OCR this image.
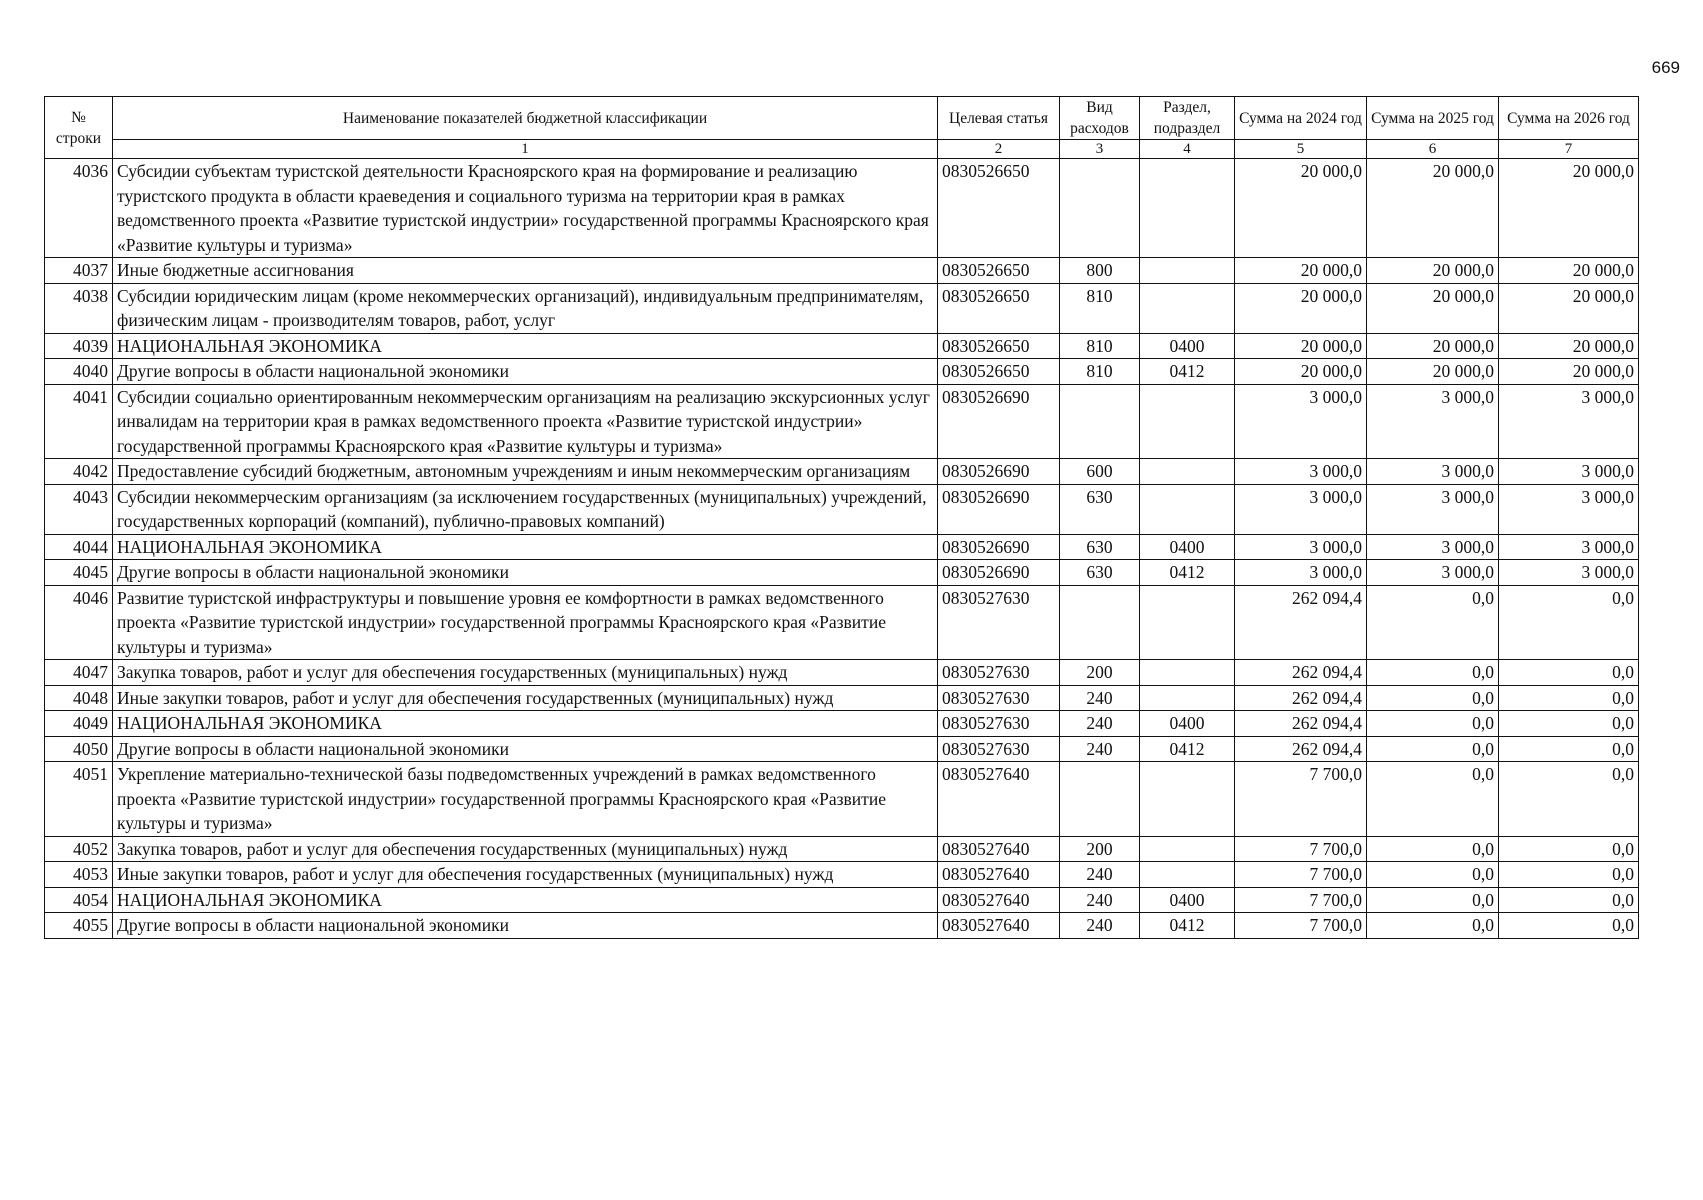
669
№ строки	Наименование показателей бюджетной классификации	Целевая статья	Вид расходов	Раздел, подраздел	Сумма на 2024 год	Сумма на 2025 год	Сумма на 2026 год
	1	2	3	4	5	6	7
4036	Субсидии субъектам туристской деятельности Красноярского края на формирование и реализацию туристского продукта в области краеведения и социального туризма на территории края в рамках ведомственного проекта «Развитие туристской индустрии» государственной программы Красноярского края «Развитие культуры и туризма»	0830526650			20 000,0	20 000,0	20 000,0
4037	Иные бюджетные ассигнования	0830526650	800		20 000,0	20 000,0	20 000,0
4038	Субсидии юридическим лицам (кроме некоммерческих организаций), индивидуальным предпринимателям, физическим лицам - производителям товаров, работ, услуг	0830526650	810		20 000,0	20 000,0	20 000,0
4039	НАЦИОНАЛЬНАЯ ЭКОНОМИКА	0830526650	810	0400	20 000,0	20 000,0	20 000,0
4040	Другие вопросы в области национальной экономики	0830526650	810	0412	20 000,0	20 000,0	20 000,0
4041	Субсидии социально ориентированным некоммерческим организациям на реализацию экскурсионных услуг инвалидам на территории края в рамках ведомственного проекта «Развитие туристской индустрии» государственной программы Красноярского края «Развитие культуры и туризма»	0830526690			3 000,0	3 000,0	3 000,0
4042	Предоставление субсидий бюджетным, автономным учреждениям и иным некоммерческим организациям	0830526690	600		3 000,0	3 000,0	3 000,0
4043	Субсидии некоммерческим организациям (за исключением государственных (муниципальных) учреждений, государственных корпораций (компаний), публично-правовых компаний)	0830526690	630		3 000,0	3 000,0	3 000,0
4044	НАЦИОНАЛЬНАЯ ЭКОНОМИКА	0830526690	630	0400	3 000,0	3 000,0	3 000,0
4045	Другие вопросы в области национальной экономики	0830526690	630	0412	3 000,0	3 000,0	3 000,0
4046	Развитие туристской инфраструктуры и повышение уровня ее комфортности в рамках ведомственного проекта «Развитие туристской индустрии» государственной программы Красноярского края «Развитие культуры и туризма»	0830527630			262 094,4	0,0	0,0
4047	Закупка товаров, работ и услуг для обеспечения государственных (муниципальных) нужд	0830527630	200		262 094,4	0,0	0,0
4048	Иные закупки товаров, работ и услуг для обеспечения государственных (муниципальных) нужд	0830527630	240		262 094,4	0,0	0,0
4049	НАЦИОНАЛЬНАЯ ЭКОНОМИКА	0830527630	240	0400	262 094,4	0,0	0,0
4050	Другие вопросы в области национальной экономики	0830527630	240	0412	262 094,4	0,0	0,0
4051	Укрепление материально-технической базы подведомственных учреждений в рамках ведомственного проекта «Развитие туристской индустрии» государственной программы Красноярского края «Развитие культуры и туризма»	0830527640			7 700,0	0,0	0,0
4052	Закупка товаров, работ и услуг для обеспечения государственных (муниципальных) нужд	0830527640	200		7 700,0	0,0	0,0
4053	Иные закупки товаров, работ и услуг для обеспечения государственных (муниципальных) нужд	0830527640	240		7 700,0	0,0	0,0
4054	НАЦИОНАЛЬНАЯ ЭКОНОМИКА	0830527640	240	0400	7 700,0	0,0	0,0
4055	Другие вопросы в области национальной экономики	0830527640	240	0412	7 700,0	0,0	0,0
